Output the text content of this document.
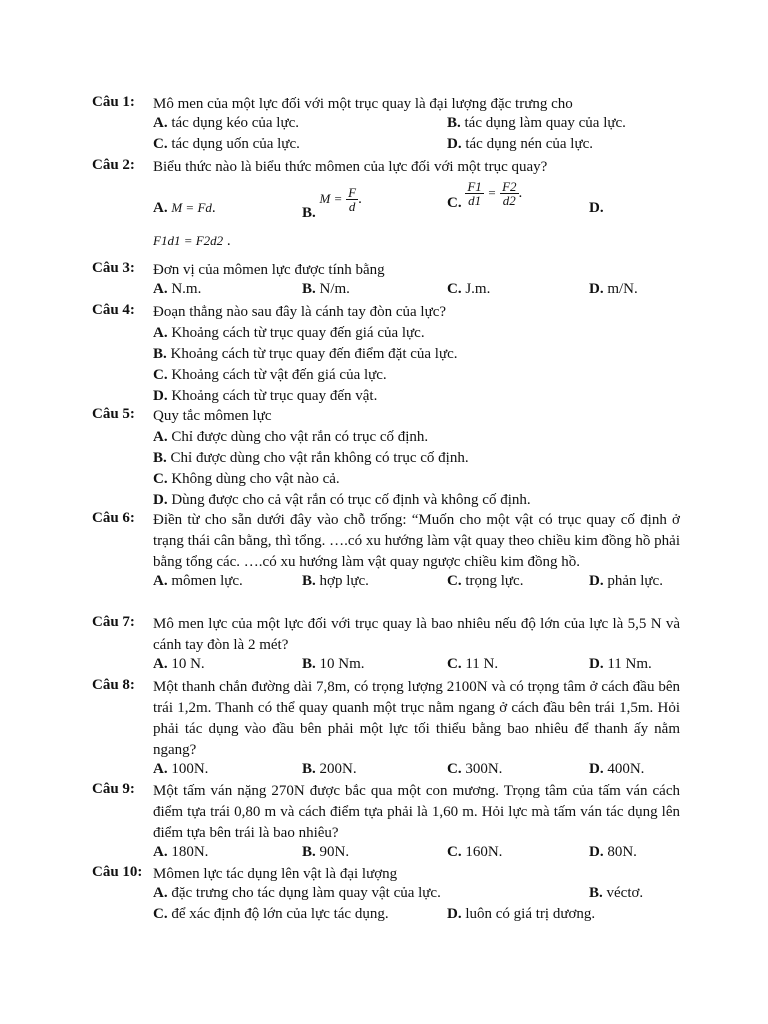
Câu 1:	Mô men của một lực đối với một trục quay là đại lượng đặc trưng cho
A. tác dụng kéo của lực.	B. tác dụng làm quay của lực.
C. tác dụng uốn của lực.	D. tác dụng nén của lực.
Câu 2:	Biểu thức nào là biểu thức mômen của lực đối với một trục quay?
A. M = Fd.	B. $M = \frac{F}{d}$ .	C. $\frac{F1}{d1} = \frac{F2}{d2}$ .
D.
F1d1 = F2d2 .
Câu 3:	Đơn vị của mômen lực được tính bằng
A. N.m.	B. N/m.	C. J.m.	D. m/N.
Câu 4:	Đoạn thẳng nào sau đây là cánh tay đòn của lực?
A. Khoảng cách từ trục quay đến giá của lực.
B. Khoảng cách từ trục quay đến điểm đặt của lực.
C. Khoảng cách từ vật đến giá của lực.
D. Khoảng cách từ trục quay đến vật.
Câu 5:	Quy tắc mômen lực
A. Chỉ được dùng cho vật rắn có trục cố định.
B. Chỉ được dùng cho vật rắn không có trục cố định.
C. Không dùng cho vật nào cả.
D. Dùng được cho cả vật rắn có trục cố định và không cố định.
Câu 6:	Điền từ cho sẵn dưới đây vào chỗ trống: “Muốn cho một vật có trục quay cố định ở trạng thái cân bằng, thì tổng. ….có xu hướng làm vật quay theo chiều kim đồng hồ phải bằng tổng các. ….có xu hướng làm vật quay ngược chiều kim đồng hồ.
A. mômen lực.	B. hợp lực.	C. trọng lực.	D. phản lực.
Câu 7:	Mô men lực của một lực đối với trục quay là bao nhiêu nếu độ lớn của lực là 5,5 N và cánh tay đòn là 2 mét?
A. 10 N.	B. 10 Nm.	C. 11 N.	D. 11 Nm.
Câu 8:	Một thanh chắn đường dài 7,8m, có trọng lượng 2100N và có trọng tâm ở cách đầu bên trái 1,2m. Thanh có thể quay quanh một trục nằm ngang ở cách đầu bên trái 1,5m. Hỏi phải tác dụng vào đầu bên phải một lực tối thiểu bằng bao nhiêu để thanh ấy nằm ngang?
A. 100N.	B. 200N.	C. 300N.	D. 400N.
Câu 9:	Một tấm ván nặng 270N được bắc qua một con mương. Trọng tâm của tấm ván cách điểm tựa trái 0,80 m và cách điểm tựa phải là 1,60 m. Hỏi lực mà tấm ván tác dụng lên điểm tựa bên trái là bao nhiêu?
A. 180N.	B. 90N.	C. 160N.	D. 80N.
Câu 10: Mômen lực tác dụng lên vật là đại lượng
A. đặc trưng cho tác dụng làm quay vật của lực.	B. véctơ.
C. để xác định độ lớn của lực tác dụng.	D. luôn có giá trị dương.
